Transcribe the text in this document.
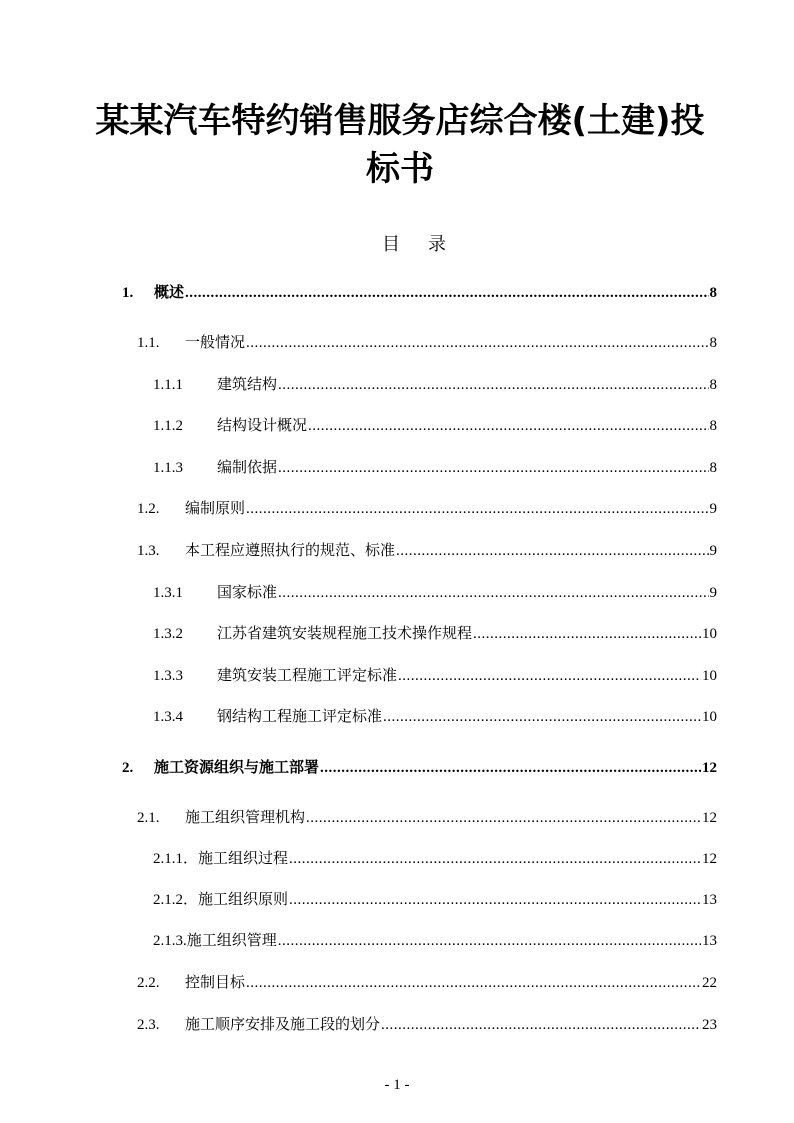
某某汽车特约销售服务店综合楼(土建)投
标书
目 录
1.	概述 .....	8
1.1.	一般情况 .....	8
1.1.1	建筑结构 .....	8
1.1.2	结构设计概况 .....	8
1.1.3	编制依据 .....	8
1.2.	编制原则 .....	9
1.3.	本工程应遵照执行的规范、标准 .....	9
1.3.1	国家标准 .....	9
1.3.2	江苏省建筑安装规程施工技术操作规程 .....	10
1.3.3	建筑安装工程施工评定标准 .....	10
1.3.4	钢结构工程施工评定标准 .....	10
2.	施工资源组织与施工部署 .....	12
2.1.	施工组织管理机构 .....	12
2.1.1． 施工组织过程 .....	12
2.1.2． 施工组织原则 .....	13
2.1.3. 施工组织管理 .....	13
2.2.	控制目标 .....	22
2.3.	施工顺序安排及施工段的划分 .....	23
- 1 -
